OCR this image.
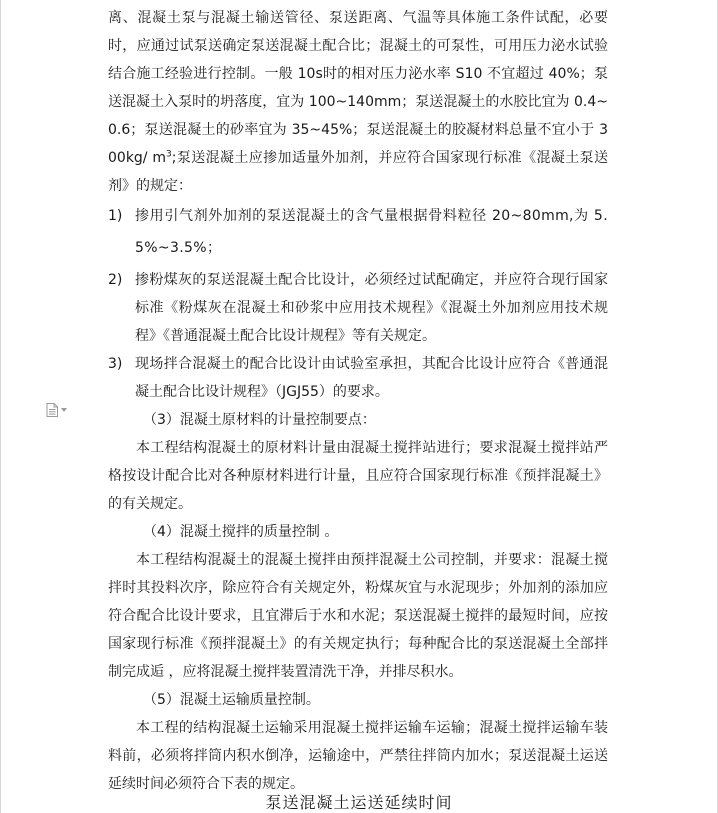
离、混凝土泵与混凝土输送管径、泵送距离、气温等具体施工条件试配，必要时，应通过试泵送确定泵送混凝土配合比；混凝土的可泵性，可用压力泌水试验结合施工经验进行控制。一般 10s时的相对压力泌水率 S10 不宜超过 40%；泵送混凝土入泵时的坍落度，宜为 100~140mm；泵送混凝土的水胶比宜为 0.4~0.6；泵送混凝土的砂率宜为 35~45%；泵送混凝土的胶凝材料总量不宜小于 300kg/ $m^3$;泵送混凝土应掺加适量外加剂，并应符合国家现行标准《混凝土泵送剂》的规定：

1) 掺用引气剂外加剂的泵送混凝土的含气量根据骨料粒径 20~80mm,为 5.5%~3.5%；
2) 掺粉煤灰的泵送混凝土配合比设计，必须经过试配确定，并应符合现行国家标准《粉煤灰在混凝土和砂浆中应用技术规程》《混凝土外加剂应用技术规程》《普通混凝土配合比设计规程》等有关规定。
3) 现场拌合混凝土的配合比设计由试验室承担，其配合比设计应符合《普通混凝土配合比设计规程》（JGJ55）的要求。

（3）混凝土原材料的计量控制要点：

本工程结构混凝土的原材料计量由混凝土搅拌站进行；要求混凝土搅拌站严格按设计配合比对各种原材料进行计量，且应符合国家现行标准《预拌混凝土》的有关规定。

（4）混凝土搅拌的质量控制 。

本工程结构混凝土的混凝土搅拌由预拌混凝土公司控制，并要求：混凝土搅拌时其投料次序，除应符合有关规定外，粉煤灰宜与水泥现步；外加剂的添加应符合配合比设计要求，且宜滞后于水和水泥；泵送混凝土搅拌的最短时间，应按国家现行标准《预拌混凝土》的有关规定执行；每种配合比的泵送混凝土全部拌制完成逅 ，应将混凝土搅拌装置清洗干净，并排尽积水。

（5）混凝土运输质量控制。

本工程的结构混凝土运输采用混凝土搅拌运输车运输；混凝土搅拌运输车装料前，必须将拌筒内积水倒净，运输途中，严禁往拌筒内加水；泵送混凝土运送延续时间必须符合下表的规定。

泵送混凝土运送延续时间
